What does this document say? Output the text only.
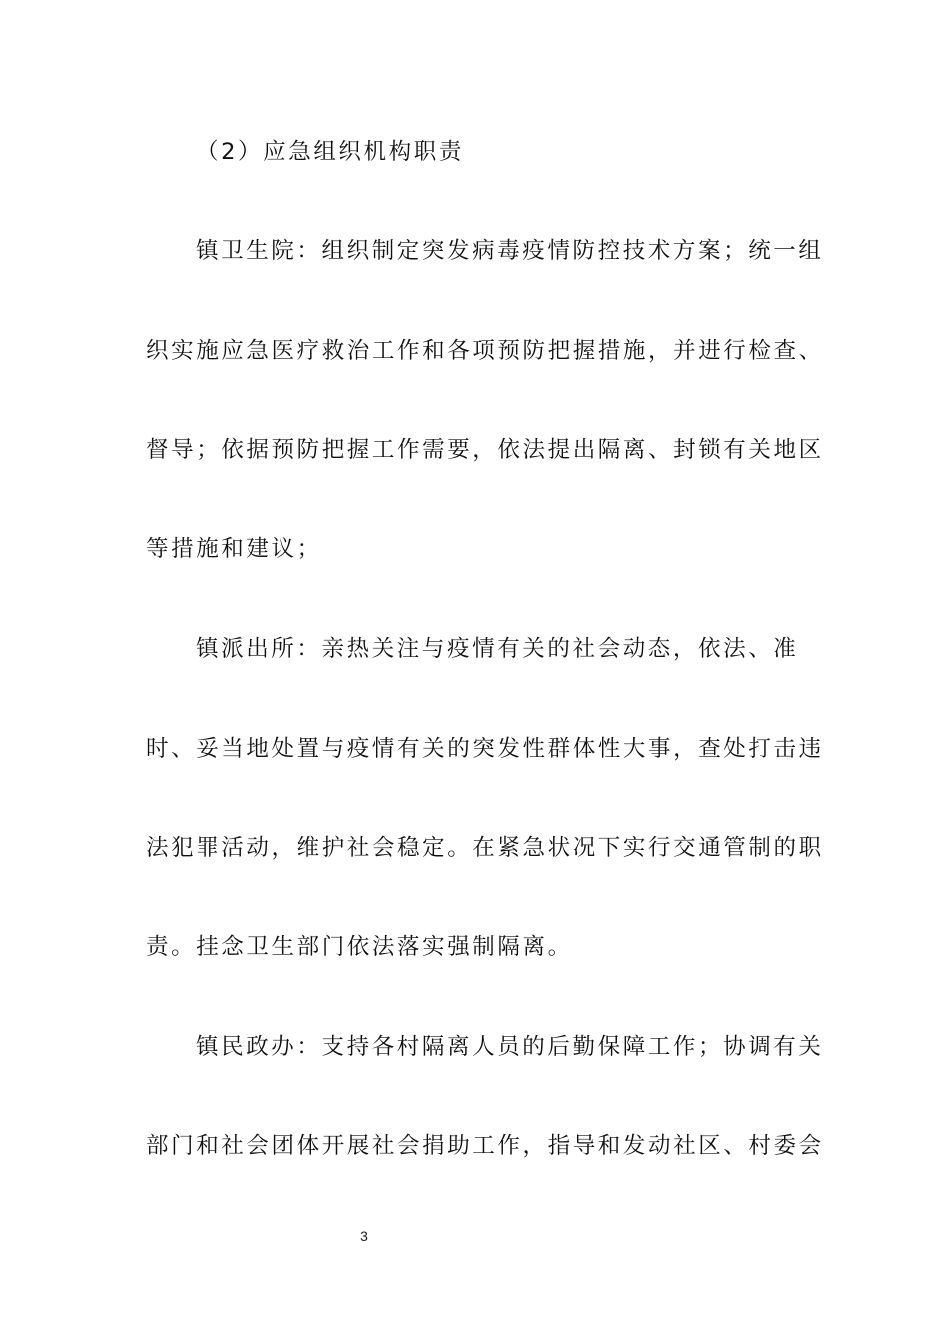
（2）应急组织机构职责
镇卫生院：组织制定突发病毒疫情防控技术方案；统一组
织实施应急医疗救治工作和各项预防把握措施，并进行检查、
督导；依据预防把握工作需要，依法提出隔离、封锁有关地区
等措施和建议；
镇派出所：亲热关注与疫情有关的社会动态，依法、准
时、妥当地处置与疫情有关的突发性群体性大事，查处打击违
法犯罪活动，维护社会稳定。在紧急状况下实行交通管制的职
责。挂念卫生部门依法落实强制隔离。
镇民政办：支持各村隔离人员的后勤保障工作；协调有关
部门和社会团体开展社会捐助工作，指导和发动社区、村委会
3
